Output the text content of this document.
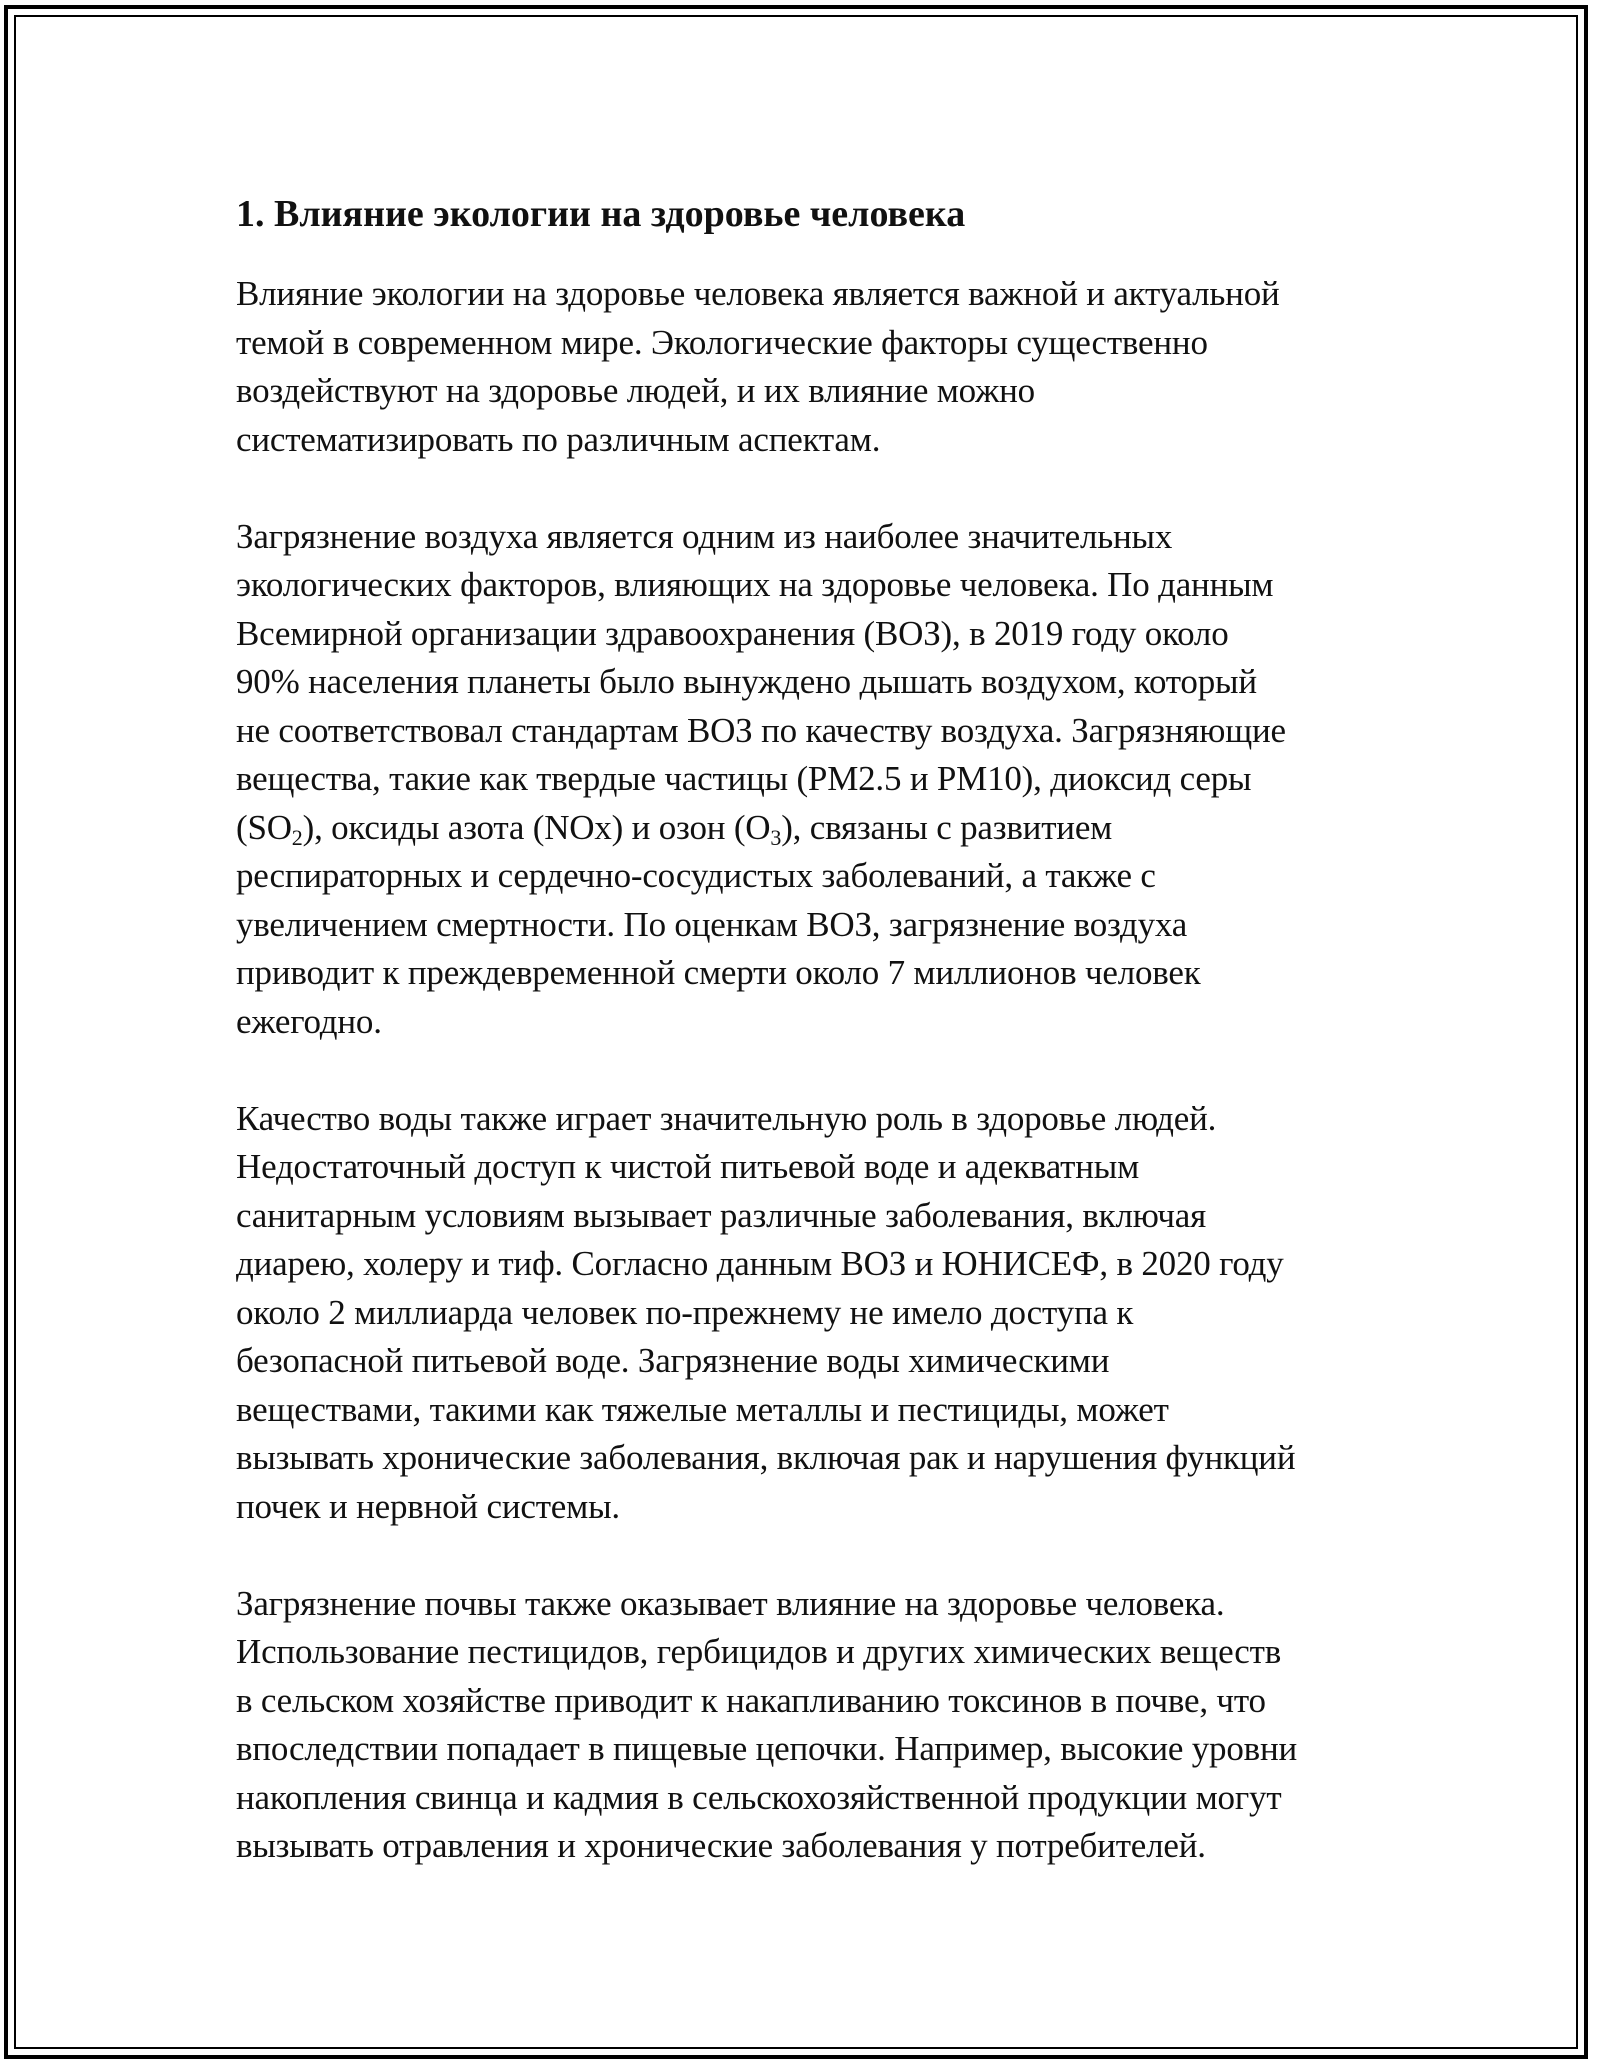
1. Влияние экологии на здоровье человека

Влияние экологии на здоровье человека является важной и актуальной
темой в современном мире. Экологические факторы существенно
воздействуют на здоровье людей, и их влияние можно
систематизировать по различным аспектам.

Загрязнение воздуха является одним из наиболее значительных
экологических факторов, влияющих на здоровье человека. По данным
Всемирной организации здравоохранения (ВОЗ), в 2019 году около
90% населения планеты было вынуждено дышать воздухом, который
не соответствовал стандартам ВОЗ по качеству воздуха. Загрязняющие
вещества, такие как твердые частицы (PM2.5 и PM10), диоксид серы
$(SO_2)$, оксиды азота (NOx) и озон $(O_3)$, связаны с развитием
респираторных и сердечно-сосудистых заболеваний, а также с
увеличением смертности. По оценкам ВОЗ, загрязнение воздуха
приводит к преждевременной смерти около 7 миллионов человек
ежегодно.

Качество воды также играет значительную роль в здоровье людей.
Недостаточный доступ к чистой питьевой воде и адекватным
санитарным условиям вызывает различные заболевания, включая
диарею, холеру и тиф. Согласно данным ВОЗ и ЮНИСЕФ, в 2020 году
около 2 миллиарда человек по-прежнему не имело доступа к
безопасной питьевой воде. Загрязнение воды химическими
веществами, такими как тяжелые металлы и пестициды, может
вызывать хронические заболевания, включая рак и нарушения функций
почек и нервной системы.

Загрязнение почвы также оказывает влияние на здоровье человека.
Использование пестицидов, гербицидов и других химических веществ
в сельском хозяйстве приводит к накапливанию токсинов в почве, что
впоследствии попадает в пищевые цепочки. Например, высокие уровни
накопления свинца и кадмия в сельскохозяйственной продукции могут
вызывать отравления и хронические заболевания у потребителей.
